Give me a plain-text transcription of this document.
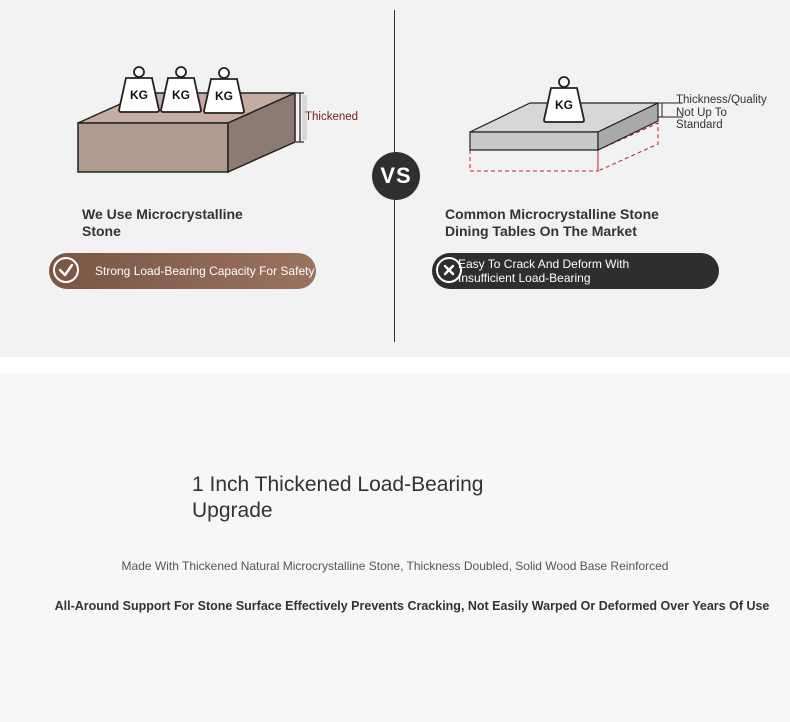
KG	KG	KG
Thickened
We Use Microcrystalline Stone
Strong Load-Bearing Capacity For Safety
VS
KG	Thickness/Quality
Not Up To
Standard
Common Microcrystalline Stone Dining Tables On The Market
Easy To Crack And Deform With
Insufficient Load-Bearing
1 Inch Thickened Load-Bearing
Upgrade
Made With Thickened Natural Microcrystalline Stone, Thickness Doubled, Solid Wood Base Reinforced
All-Around Support For Stone Surface Effectively Prevents Cracking, Not Easily Warped Or Deformed Over Years Of Use
